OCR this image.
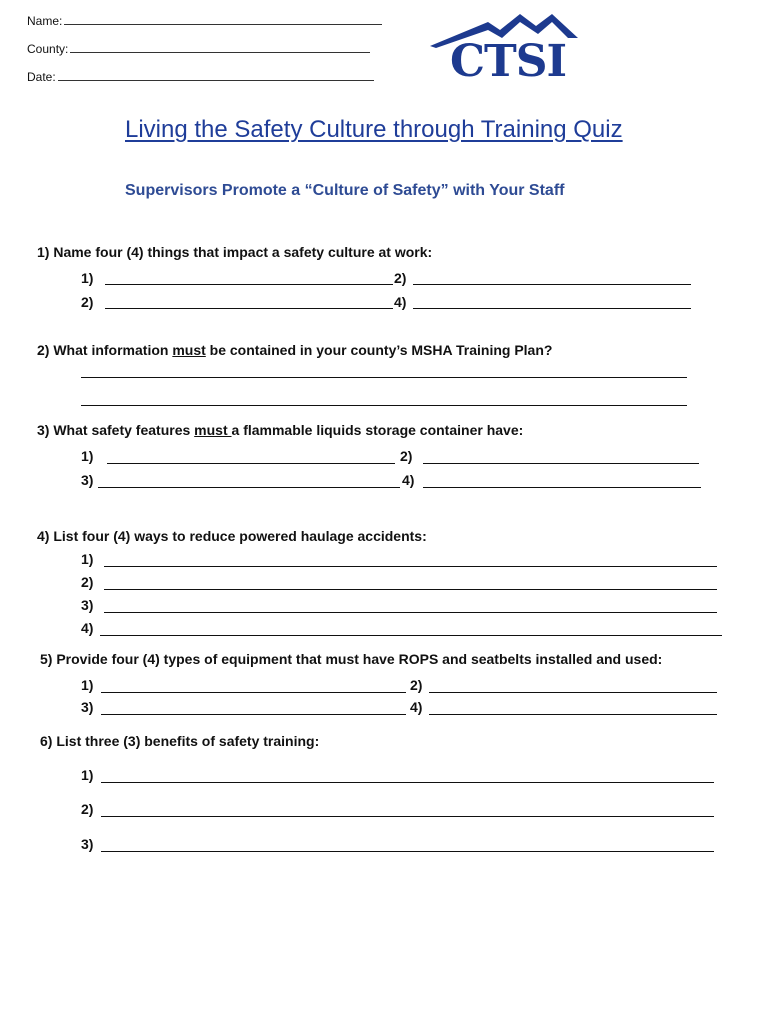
Name:
County:
Date:	CTSI
Living the Safety Culture through Training Quiz
Supervisors Promote a “Culture of Safety” with Your Staff
1) Name four (4) things that impact a safety culture at work:
1)	2)
2)	4)
2) What information must be contained in your county’s MSHA Training Plan?
3) What safety features must a flammable liquids storage container have:
1)	2)
3)	4)
4) List four (4) ways to reduce powered haulage accidents:
1)
2)
3)
4)
5) Provide four (4) types of equipment that must have ROPS and seatbelts installed and used:
1)	2)
3)	4)
6) List three (3) benefits of safety training:
1)
2)
3)
